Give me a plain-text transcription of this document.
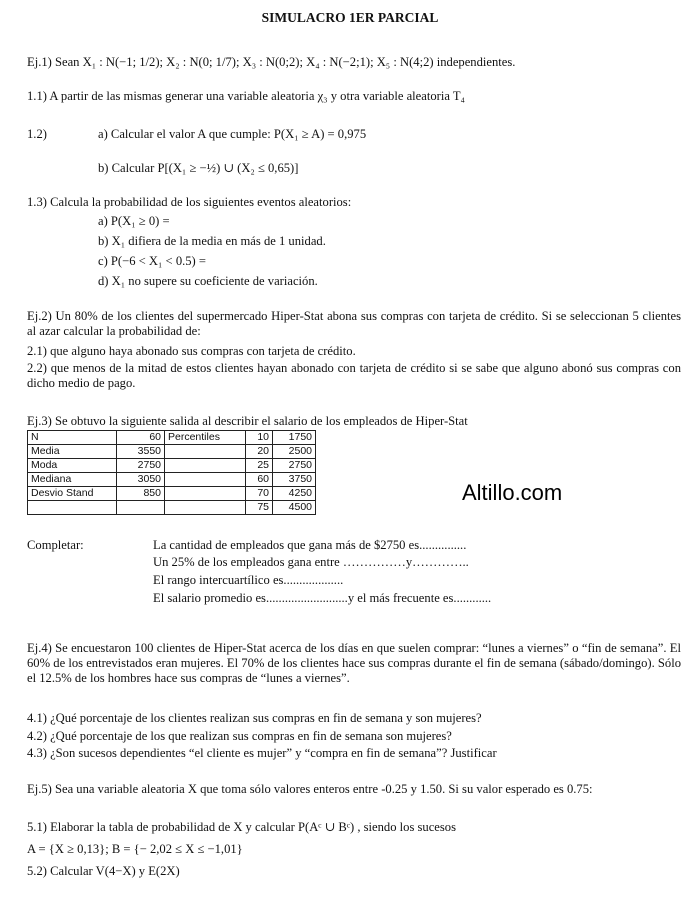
SIMULACRO 1ER PARCIAL
Ej.1) Sean X₁ : N(−1; 1/2); X₂ : N(0; 1/7); X₃ : N(0;2); X₄ : N(−2;1); X₅ : N(4;2) independientes.
1.1) A partir de las mismas generar una variable aleatoria χ₃ y otra variable aleatoria T₄
1.2)	a) Calcular el valor A que cumple: P(X₁ ≥ A) = 0,975
b) Calcular P[(X₁ ≥ −½) ∪ (X₂ ≤ 0,65)]
1.3) Calcula la probabilidad de los siguientes eventos aleatorios:
a) P(X₁ ≥ 0) =
b) X₁ difiera de la media en más de 1 unidad.
c) P(−6 < X₁ < 0.5) =
d) X₁ no supere su coeficiente de variación.
Ej.2) Un 80% de los clientes del supermercado Hiper-Stat abona sus compras con tarjeta de crédito. Si se seleccionan 5 clientes al azar calcular la probabilidad de:
2.1) que alguno haya abonado sus compras con tarjeta de crédito.
2.2) que menos de la mitad de estos clientes hayan abonado con tarjeta de crédito si se sabe que alguno abonó sus compras con dicho medio de pago.
Ej.3) Se obtuvo la siguiente salida al describir el salario de los empleados de Hiper-Stat
N	60	Percentiles	10	1750
Media	3550		20	2500
Moda	2750		25	2750
Mediana	3050		60	3750
Desvio Stand	850		70	4250
			75	4500
Altillo.com
Completar:	La cantidad de empleados que gana más de $2750 es...............
Un 25% de los empleados gana entre ……………y…………..
El rango intercuartílico es...................
El salario promedio es..........................y el más frecuente es............
Ej.4) Se encuestaron 100 clientes de Hiper-Stat acerca de los días en que suelen comprar: “lunes a viernes” o “fin de semana”. El 60% de los entrevistados eran mujeres. El 70% de los clientes hace sus compras durante el fin de semana (sábado/domingo). Sólo el 12.5% de los hombres hace sus compras de “lunes a viernes”.
4.1) ¿Qué porcentaje de los clientes realizan sus compras en fin de semana y son mujeres?
4.2) ¿Qué porcentaje de los que realizan sus compras en fin de semana son mujeres?
4.3) ¿Son sucesos dependientes “el cliente es mujer” y “compra en fin de semana”? Justificar
Ej.5) Sea una variable aleatoria X que toma sólo valores enteros entre -0.25 y 1.50. Si su valor esperado es 0.75:
5.1) Elaborar la tabla de probabilidad de X y calcular P(Aᶜ ∪ Bᶜ) , siendo los sucesos
A = {X ≥ 0,13}; B = {− 2,02 ≤ X ≤ −1,01}
5.2) Calcular V(4−X) y E(2X)
